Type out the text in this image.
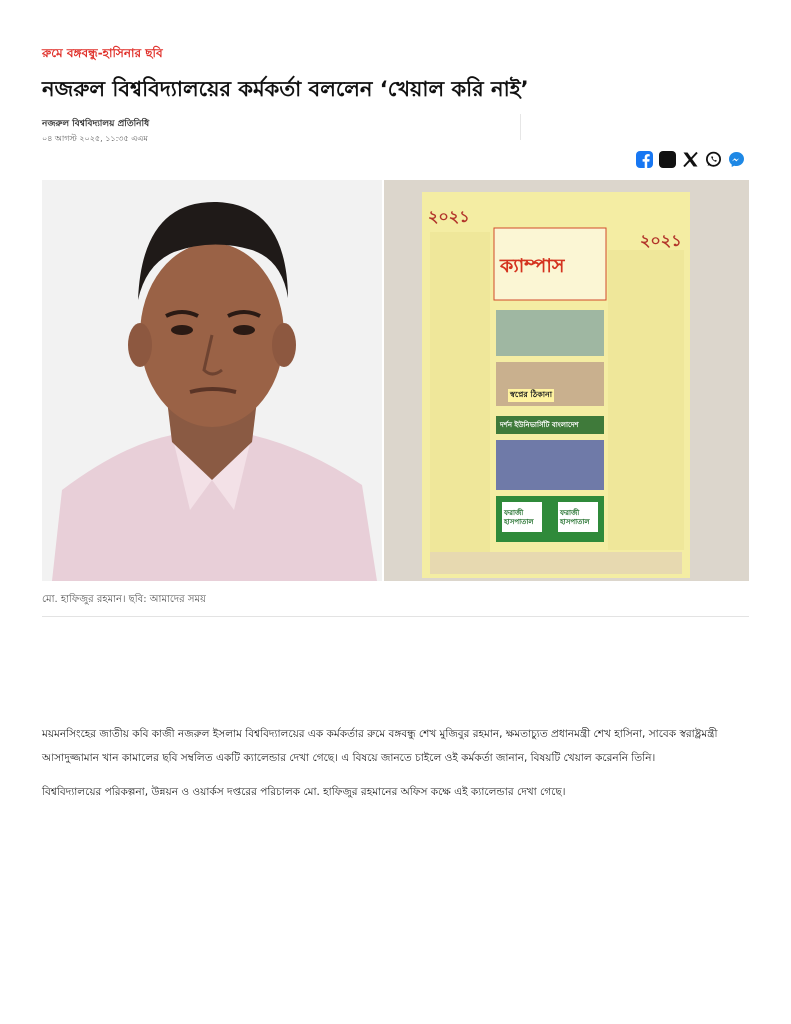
রুমে বঙ্গবন্ধু-হাসিনার ছবি
নজরুল বিশ্ববিদ্যালয়ের কর্মকর্তা বললেন ‘খেয়াল করি নাই’
নজরুল বিশ্ববিদ্যালয় প্রতিনিধি
০৪ আগস্ট ২০২৫, ১১:৩৫ এএম
২০২১
২০২১
ক্যাম্পাস
স্বপ্নের ঠিকানা
দর্শন ইউনিভার্সিটি বাংলাদেশ
ফরাজী হাসপাতাল
ফরাজী হাসপাতাল
মো. হাফিজুর রহমান। ছবি: আমাদের সময়

ময়মনসিংহের জাতীয় কবি কাজী নজরুল ইসলাম বিশ্ববিদ্যালয়ের এক কর্মকর্তার রুমে বঙ্গবন্ধু শেখ মুজিবুর রহমান, ক্ষমতাচ্যুত প্রধানমন্ত্রী শেখ হাসিনা, সাবেক স্বরাষ্ট্রমন্ত্রী আসাদুজ্জামান খান কামালের ছবি সম্বলিত একটি ক্যালেন্ডার দেখা গেছে। এ বিষয়ে জানতে চাইলে ওই কর্মকর্তা জানান, বিষয়টি খেয়াল করেননি তিনি।

বিশ্ববিদ্যালয়ের পরিকল্পনা, উন্নয়ন ও ওয়ার্কস দপ্তরের পরিচালক মো. হাফিজুর রহমানের অফিস কক্ষে এই ক্যালেন্ডার দেখা গেছে।
